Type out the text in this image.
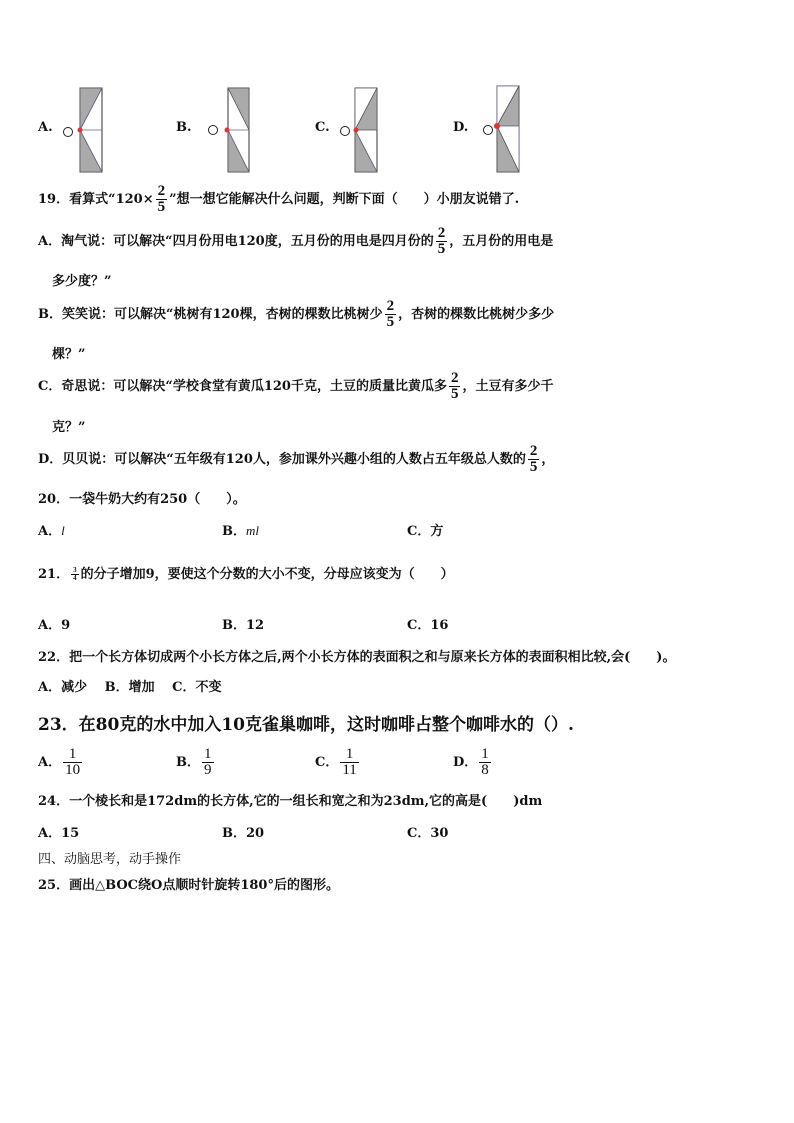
A.	B.	C.	D.
19．看算式“$120\times \frac{2}{5}$ ”想一想它能解决什么问题，判断下面（　　）小朋友说错了.
A．淘气说：可以解决“四月份用电120度，五月份的用电是四月份的 $\frac{2}{5}$ ，五月份的用电是
多少度？”
B．笑笑说：可以解决“桃树有120棵，杏树的棵数比桃树少 $\frac{2}{5}$ ，杏树的棵数比桃树少多少
棵？”
C．奇思说：可以解决“学校食堂有黄瓜120千克，土豆的质量比黄瓜多 $\frac{2}{5}$ ，土豆有多少千
克？”
D．贝贝说：可以解决“五年级有120人，参加课外兴趣小组的人数占五年级总人数的 $\frac{2}{5}$ ，
20．一袋牛奶大约有250（　　）。
A．l	B．ml	C．方
21． $\frac{3}{4}$ 的分子增加9，要使这个分数的大小不变，分母应该变为（　　）
A．9	B．12	C．16
22．把一个长方体切成两个小长方体之后,两个小长方体的表面积之和与原来长方体的表面积相比较,会(　　)。
A．减少　 B．增加　 C．不变
23．在80克的水中加入10克雀巢咖啡，这时咖啡占整个咖啡水的（）.
A． $\frac{1}{10}$	B． $\frac{1}{9}$	C． $\frac{1}{11}$	D． $\frac{1}{8}$
24．一个棱长和是172dm的长方体,它的一组长和宽之和为23dm,它的高是(　　)dm
A．15	B．20	C．30
四、动脑思考，动手操作
25．画出△BOC绕O点顺时针旋转180°后的图形。
